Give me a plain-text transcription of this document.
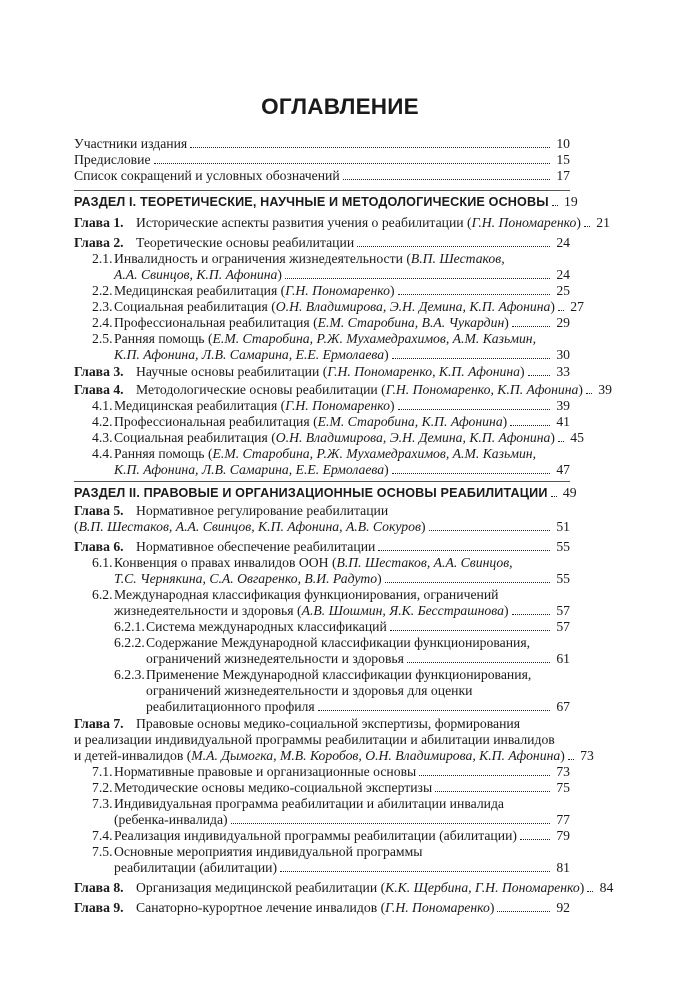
ОГЛАВЛЕНИЕ
Участники издания	10
Предисловие	15
Список сокращений и условных обозначений	17
РАЗДЕЛ I. ТЕОРЕТИЧЕСКИЕ, НАУЧНЫЕ И МЕТОДОЛОГИЧЕСКИЕ ОСНОВЫ 19
Глава 1. Исторические аспекты развития учения о реабилитации (Г.Н. Пономаренко) 21
Глава 2. Теоретические основы реабилитации	24
2.1. Инвалидность и ограничения жизнедеятельности (В.П. Шестаков,
А.А. Свинцов, К.П. Афонина)	24
2.2. Медицинская реабилитация (Г.Н. Пономаренко)	25
2.3. Социальная реабилитация (О.Н. Владимирова, Э.Н. Демина, К.П. Афонина) 27
2.4. Профессиональная реабилитация (Е.М. Старобина, В.А. Чукардин)	29
2.5. Ранняя помощь (Е.М. Старобина, Р.Ж. Мухамедрахимов, А.М. Казьмин,
К.П. Афонина, Л.В. Самарина, Е.Е. Ермолаева)	30
Глава 3. Научные основы реабилитации (Г.Н. Пономаренко, К.П. Афонина) 33
Глава 4. Методологические основы реабилитации (Г.Н. Пономаренко, К.П. Афонина) 39
4.1. Медицинская реабилитация (Г.Н. Пономаренко)	39
4.2. Профессиональная реабилитация (Е.М. Старобина, К.П. Афонина)	41
4.3. Социальная реабилитация (О.Н. Владимирова, Э.Н. Демина, К.П. Афонина) 45
4.4. Ранняя помощь (Е.М. Старобина, Р.Ж. Мухамедрахимов, А.М. Казьмин,
К.П. Афонина, Л.В. Самарина, Е.Е. Ермолаева)	47
РАЗДЕЛ II. ПРАВОВЫЕ И ОРГАНИЗАЦИОННЫЕ ОСНОВЫ РЕАБИЛИТАЦИИ 49
Глава 5. Нормативное регулирование реабилитации
(В.П. Шестаков, А.А. Свинцов, К.П. Афонина, А.В. Сокуров)	51
Глава 6. Нормативное обеспечение реабилитации	55
6.1. Конвенция о правах инвалидов ООН (В.П. Шестаков, А.А. Свинцов,
Т.С. Чернякина, С.А. Овгаренко, В.И. Радуто)	55
6.2. Международная классификация функционирования, ограничений
жизнедеятельности и здоровья (А.В. Шошмин, Я.К. Бесстрашнова)	57
6.2.1. Система международных классификаций	57
6.2.2. Содержание Международной классификации функционирования,
ограничений жизнедеятельности и здоровья	61
6.2.3. Применение Международной классификации функционирования,
ограничений жизнедеятельности и здоровья для оценки
реабилитационного профиля	67
Глава 7. Правовые основы медико-социальной экспертизы, формирования
и реализации индивидуальной программы реабилитации и абилитации инвалидов
и детей-инвалидов (М.А. Дымогка, М.В. Коробов, О.Н. Владимирова, К.П. Афонина) 73
7.1. Нормативные правовые и организационные основы	73
7.2. Методические основы медико-социальной экспертизы	75
7.3. Индивидуальная программа реабилитации и абилитации инвалида
(ребенка-инвалида)	77
7.4. Реализация индивидуальной программы реабилитации (абилитации)	79
7.5. Основные мероприятия индивидуальной программы
реабилитации (абилитации)	81
Глава 8. Организация медицинской реабилитации (К.К. Щербина, Г.Н. Пономаренко) 84
Глава 9. Санаторно-курортное лечение инвалидов (Г.Н. Пономаренко)	92
